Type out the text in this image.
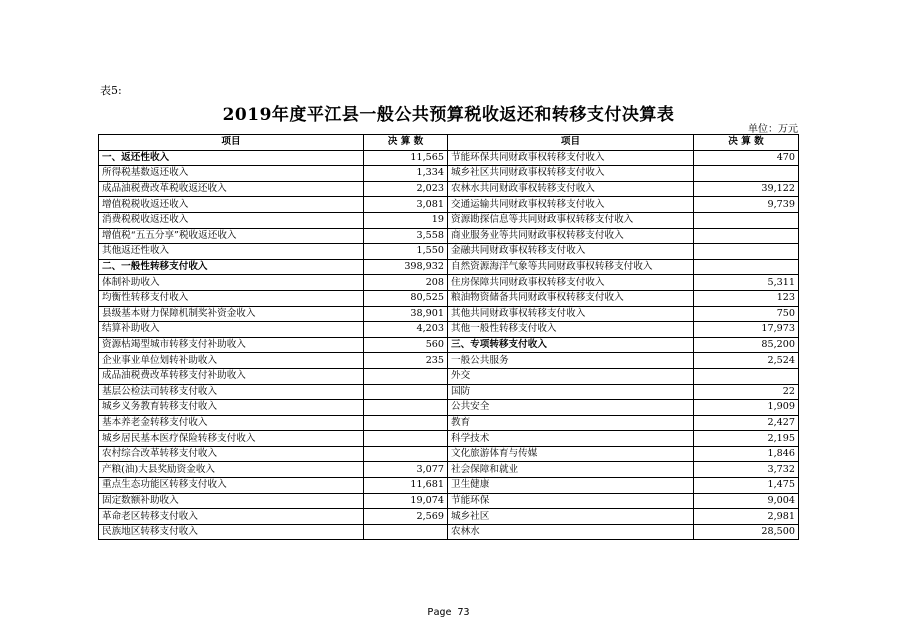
表5:
2019年度平江县一般公共预算税收返还和转移支付决算表
单位：万元
项目	决 算 数	项目	决 算 数
一、返还性收入	11,565	节能环保共同财政事权转移支付收入	470
所得税基数返还收入	1,334	城乡社区共同财政事权转移支付收入	
成品油税费改革税收返还收入	2,023	农林水共同财政事权转移支付收入	39,122
增值税税收返还收入	3,081	交通运输共同财政事权转移支付收入	9,739
消费税税收返还收入	19	资源勘探信息等共同财政事权转移支付收入	
增值税“五五分享”税收返还收入	3,558	商业服务业等共同财政事权转移支付收入	
其他返还性收入	1,550	金融共同财政事权转移支付收入	
二、一般性转移支付收入	398,932	自然资源海洋气象等共同财政事权转移支付收入	
体制补助收入	208	住房保障共同财政事权转移支付收入	5,311
均衡性转移支付收入	80,525	粮油物资储备共同财政事权转移支付收入	123
县级基本财力保障机制奖补资金收入	38,901	其他共同财政事权转移支付收入	750
结算补助收入	4,203	其他一般性转移支付收入	17,973
资源枯竭型城市转移支付补助收入	560	三、专项转移支付收入	85,200
企业事业单位划转补助收入	235	一般公共服务	2,524
成品油税费改革转移支付补助收入		外交	
基层公检法司转移支付收入		国防	22
城乡义务教育转移支付收入		公共安全	1,909
基本养老金转移支付收入		教育	2,427
城乡居民基本医疗保险转移支付收入		科学技术	2,195
农村综合改革转移支付收入		文化旅游体育与传媒	1,846
产粮(油)大县奖励资金收入	3,077	社会保障和就业	3,732
重点生态功能区转移支付收入	11,681	卫生健康	1,475
固定数额补助收入	19,074	节能环保	9,004
革命老区转移支付收入	2,569	城乡社区	2,981
民族地区转移支付收入		农林水	28,500
Page 73
